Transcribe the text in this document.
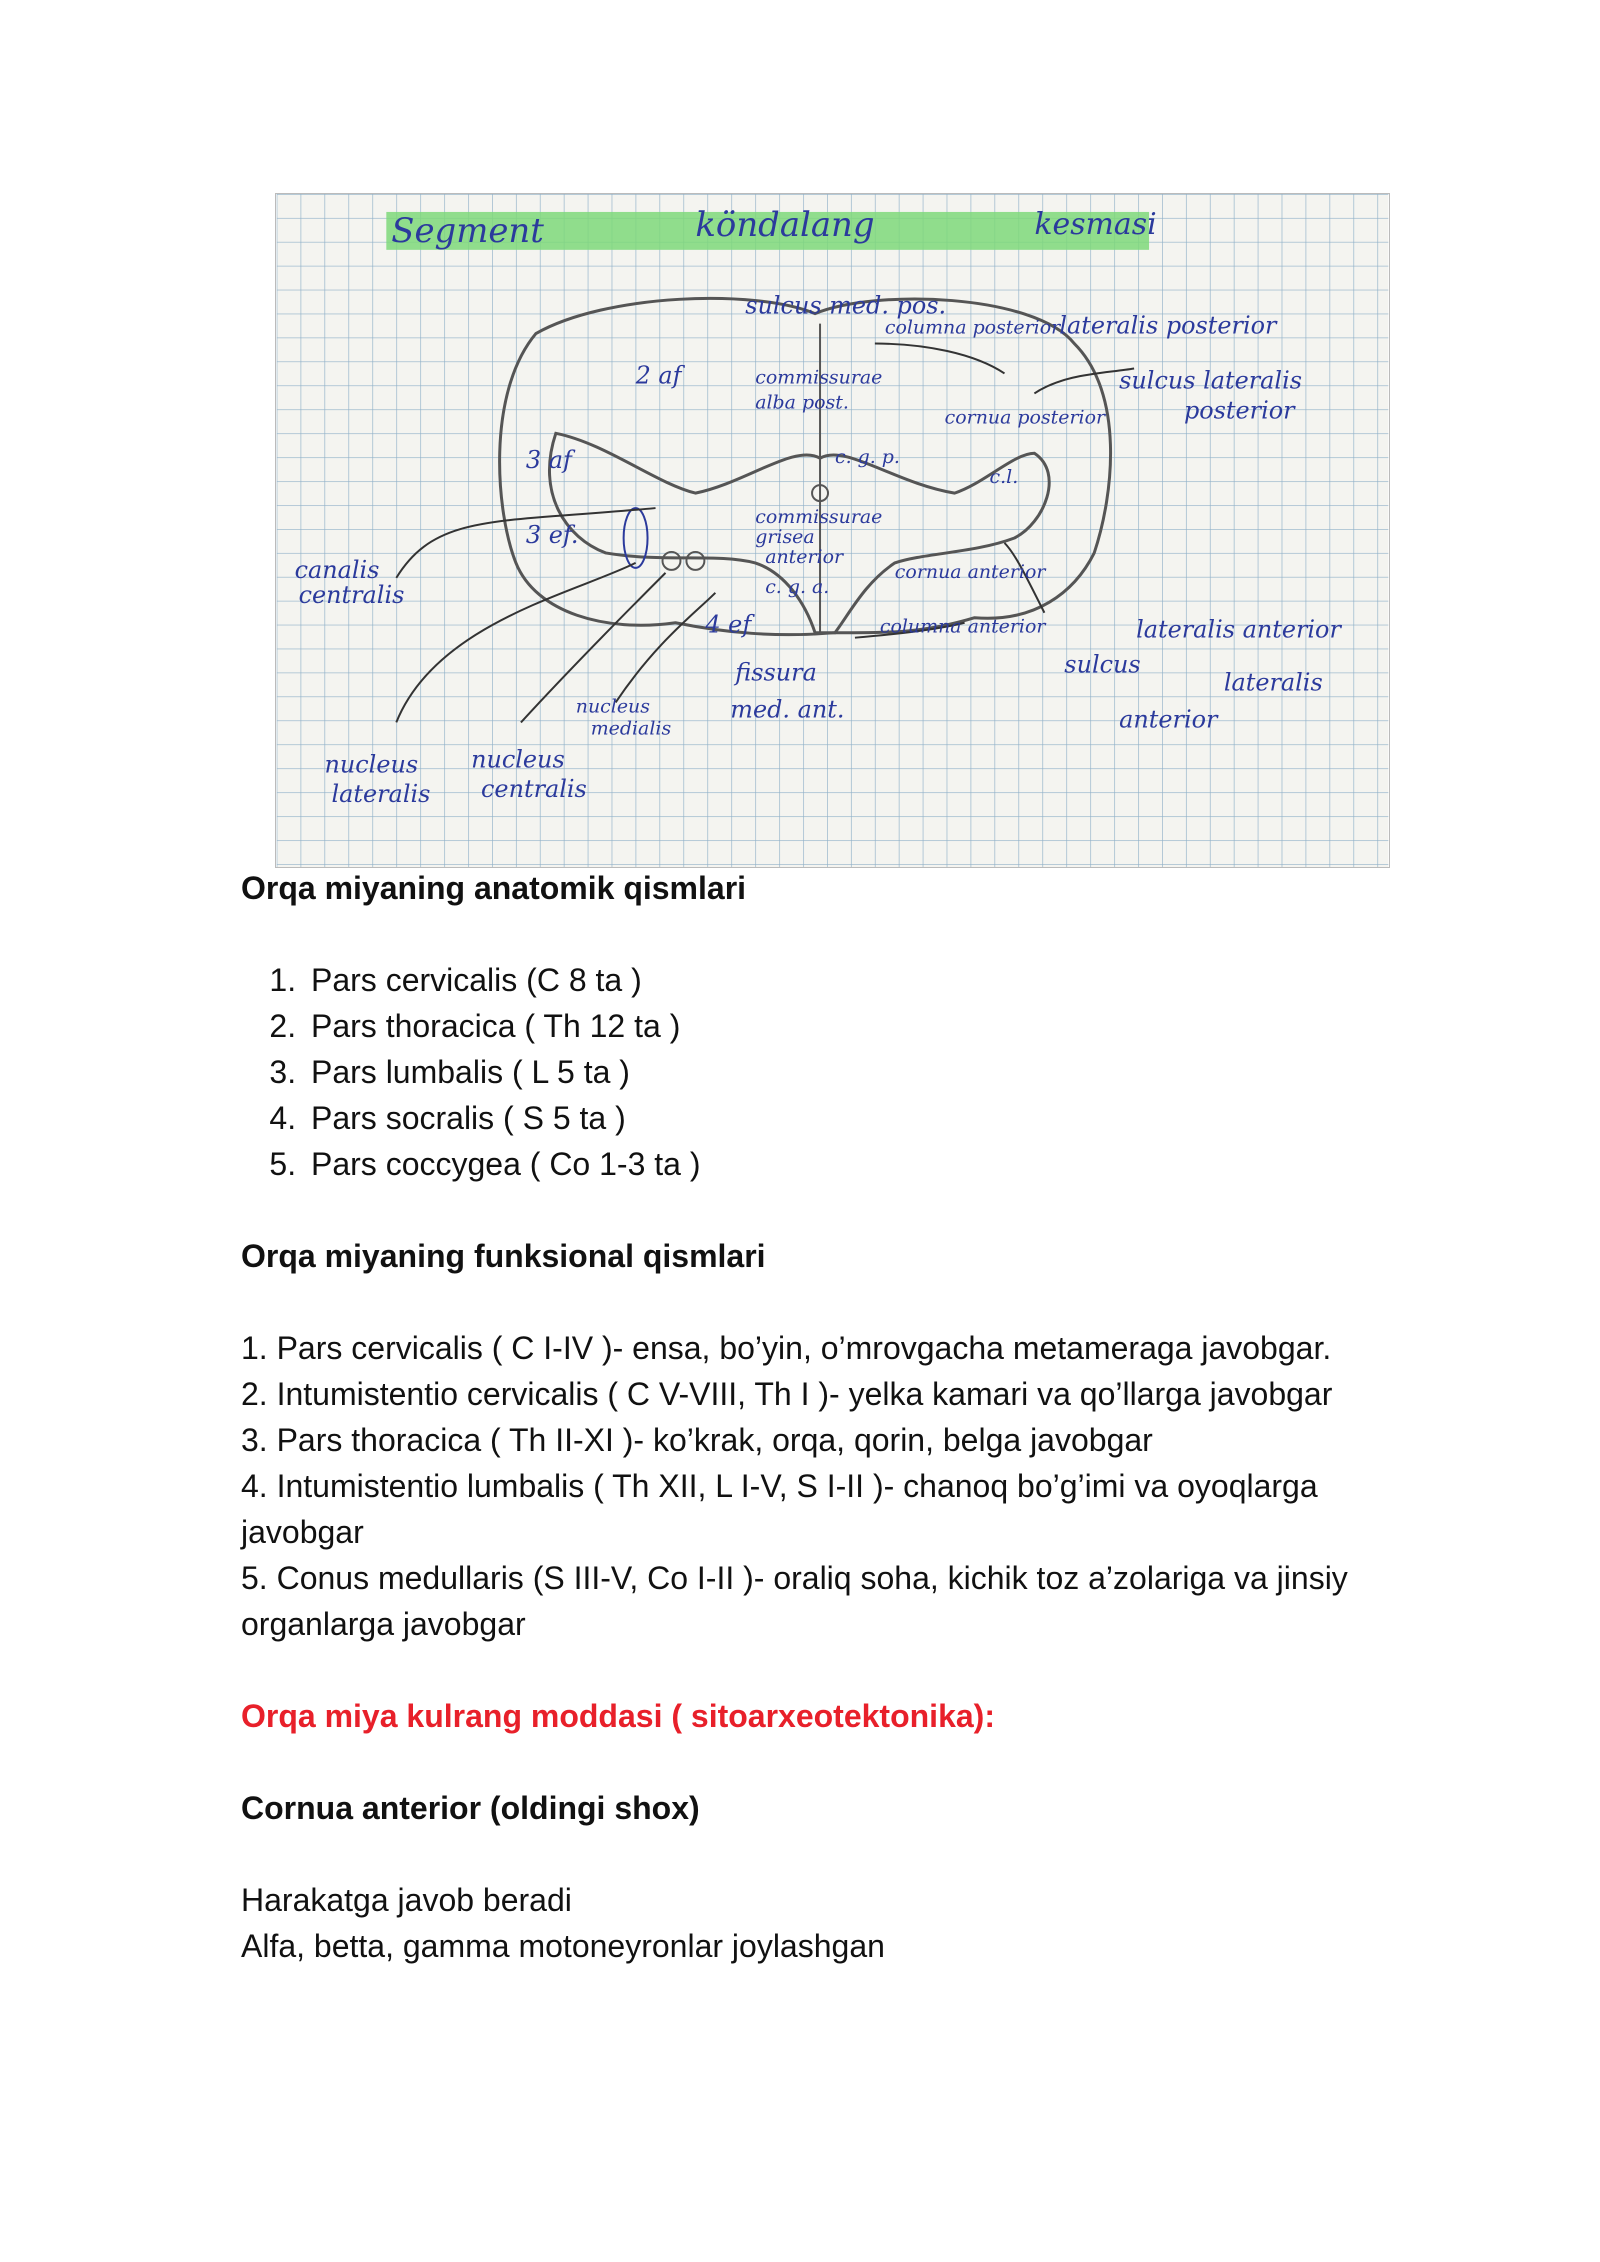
Segment	köndalang	kesmasi
sulcus med. pos.
columna posterior lateralis posterior
sulcus lateralis
posterior
2 af	commissurae
alba post.
cornua posterior
3 af	c. g. p.
c.l.
3 ef.
commissurae
grisea
anterior
cornua anterior
canalis
centralis	c. g. a.
4 ef	columna anterior	lateralis anterior
sulcus
lateralis
anterior
fissura
med. ant.
nucleus
medialis
nucleus
lateralis
nucleus
centralis

Orqa miyaning anatomik qismlari

1. Pars cervicalis (C 8 ta )
2. Pars thoracica ( Th 12 ta )
3. Pars lumbalis ( L 5 ta )
4. Pars socralis ( S 5 ta )
5. Pars coccygea ( Co 1-3 ta )

Orqa miyaning funksional qismlari

1. Pars cervicalis ( C I-IV )- ensa, bo’yin, o’mrovgacha metameraga javobgar.

2. Intumistentio cervicalis ( C V-VIII, Th I )- yelka kamari va qo’llarga javobgar

3. Pars thoracica ( Th II-XI )- ko’krak, orqa, qorin, belga javobgar

4. Intumistentio lumbalis ( Th XII, L I-V, S I-II )- chanoq bo’g’imi va oyoqlarga javobgar

5. Conus medullaris (S III-V, Co I-II )- oraliq soha, kichik toz a’zolariga va jinsiy organlarga javobgar

Orqa miya kulrang moddasi ( sitoarxeotektonika):

Cornua anterior (oldingi shox)

Harakatga javob beradi

Alfa, betta, gamma motoneyronlar joylashgan
